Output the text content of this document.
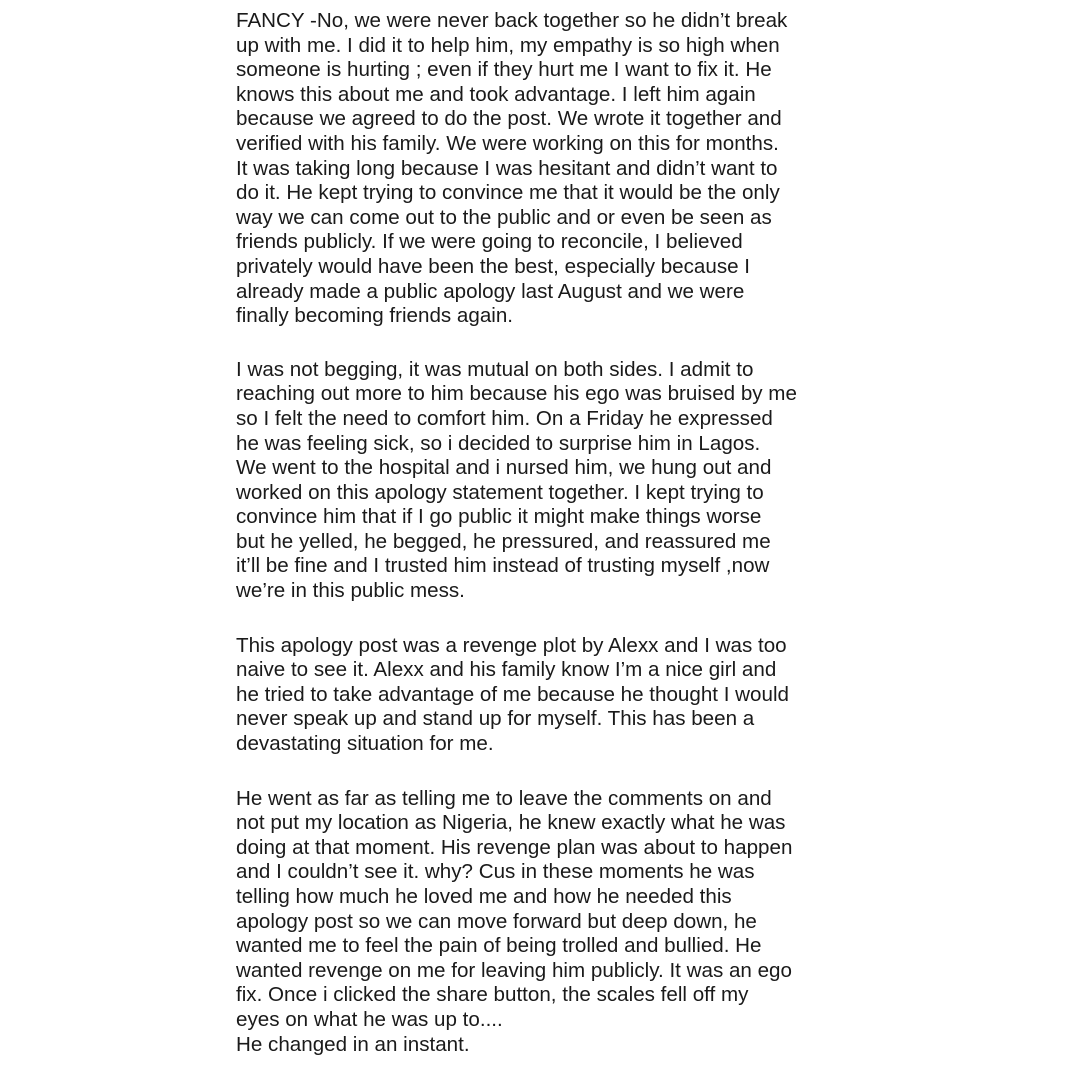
FANCY -No, we were never back together so he didn’t break

up with me. I did it to help him, my empathy is so high when

someone is hurting ; even if they hurt me I want to fix it. He

knows this about me and took advantage. I left him again

because we agreed to do the post. We wrote it together and

verified with his family. We were working on this for months.

It was taking long because I was hesitant and didn’t want to

do it. He kept trying to convince me that it would be the only

way we can come out to the public and or even be seen as

friends publicly. If we were going to reconcile, I believed

privately would have been the best, especially because I

already made a public apology last August and we were

finally becoming friends again.

I was not begging, it was mutual on both sides. I admit to

reaching out more to him because his ego was bruised by me

so I felt the need to comfort him. On a Friday he expressed

he was feeling sick, so i decided to surprise him in Lagos.

We went to the hospital and i nursed him, we hung out and

worked on this apology statement together. I kept trying to

convince him that if I go public it might make things worse

but he yelled, he begged, he pressured, and reassured me

it’ll be fine and I trusted him instead of trusting myself ,now

we’re in this public mess.

This apology post was a revenge plot by Alexx and I was too

naive to see it. Alexx and his family know I’m a nice girl and

he tried to take advantage of me because he thought I would

never speak up and stand up for myself. This has been a

devastating situation for me.

He went as far as telling me to leave the comments on and

not put my location as Nigeria, he knew exactly what he was

doing at that moment. His revenge plan was about to happen

and I couldn’t see it. why? Cus in these moments he was

telling how much he loved me and how he needed this

apology post so we can move forward but deep down, he

wanted me to feel the pain of being trolled and bullied. He

wanted revenge on me for leaving him publicly. It was an ego

fix. Once i clicked the share button, the scales fell off my

eyes on what he was up to....

He changed in an instant.
